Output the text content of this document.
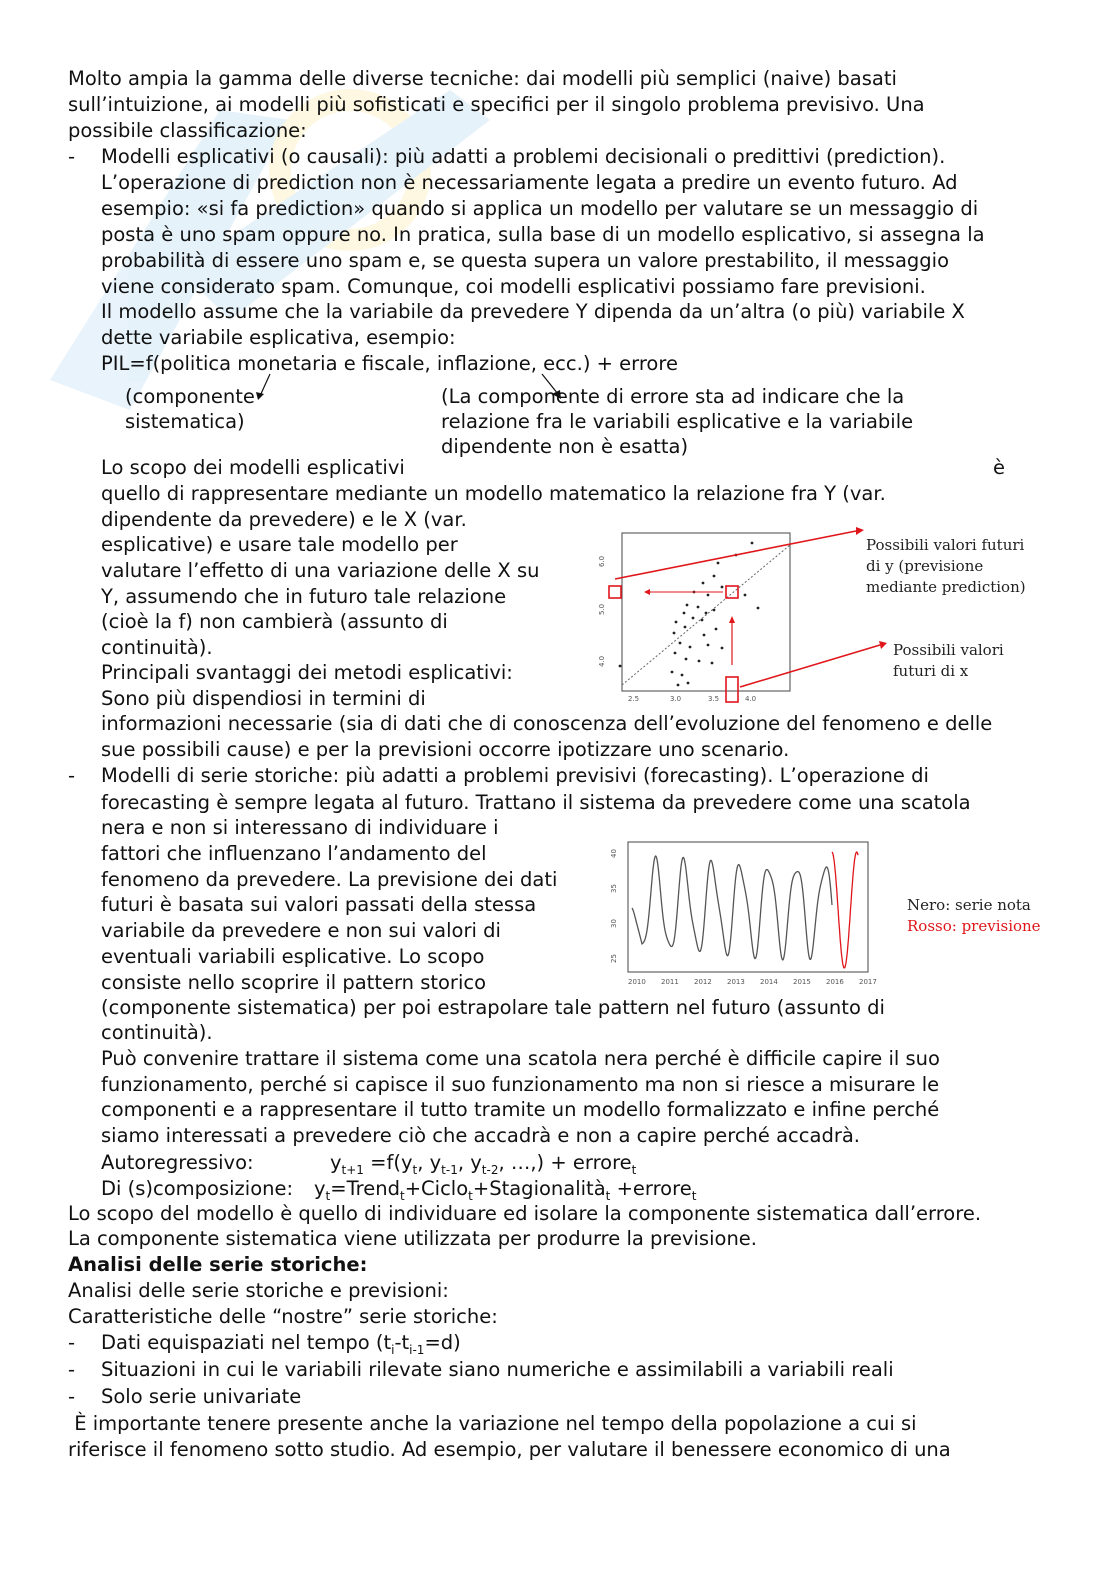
Molto ampia la gamma delle diverse tecniche: dai modelli più semplici (naive) basati

sull’intuizione, ai modelli più sofisticati e specifici per il singolo problema previsivo. Una

possibile classificazione:

- Modelli esplicativi (o causali): più adatti a problemi decisionali o predittivi (prediction).

L’operazione di prediction non è necessariamente legata a predire un evento futuro. Ad

esempio: «si fa prediction» quando si applica un modello per valutare se un messaggio di

posta è uno spam oppure no. In pratica, sulla base di un modello esplicativo, si assegna la

probabilità di essere uno spam e, se questa supera un valore prestabilito, il messaggio

viene considerato spam. Comunque, coi modelli esplicativi possiamo fare previsioni.

Il modello assume che la variabile da prevedere Y dipenda da un’altra (o più) variabile X

dette variabile esplicativa, esempio:

PIL=f(politica monetaria e fiscale, inflazione, ecc.) + errore

(componente

sistematica)

(La componente di errore sta ad indicare che la

relazione fra le variabili esplicative e la variabile

dipendente non è esatta)

Lo scopo dei modelli esplicativi	è

quello di rappresentare mediante un modello matematico la relazione fra Y (var.

dipendente da prevedere) e le X (var.

esplicative) e usare tale modello per

valutare l’effetto di una variazione delle X su

Y, assumendo che in futuro tale relazione

(cioè la f) non cambierà (assunto di

continuità).

Principali svantaggi dei metodi esplicativi:

Sono più dispendiosi in termini di

informazioni necessarie (sia di dati che di conoscenza dell’evoluzione del fenomeno e delle

sue possibili cause) e per la previsioni occorre ipotizzare uno scenario.

4.0
5.0
6.0
2.5	3.0	3.5	4.0

Possibili valori futuri

di y (previsione

mediante prediction)

Possibili valori

futuri di x

- Modelli di serie storiche: più adatti a problemi previsivi (forecasting). L’operazione di

forecasting è sempre legata al futuro. Trattano il sistema da prevedere come una scatola

nera e non si interessano di individuare i

fattori che influenzano l’andamento del

fenomeno da prevedere. La previsione dei dati

futuri è basata sui valori passati della stessa

variabile da prevedere e non sui valori di

eventuali variabili esplicative. Lo scopo

consiste nello scoprire il pattern storico

(componente sistematica) per poi estrapolare tale pattern nel futuro (assunto di

continuità).

Può convenire trattare il sistema come una scatola nera perché è difficile capire il suo

funzionamento, perché si capisce il suo funzionamento ma non si riesce a misurare le

componenti e a rappresentare il tutto tramite un modello formalizzato e infine perché

siamo interessati a prevedere ciò che accadrà e non a capire perché accadrà.

40
35
30
25
2010 2011 2012 2013 2014 2015 2016 2017

Nero: serie nota

Rosso: previsione

Autoregressivo:	$y_{t+1} =f(y_t$, $y_{t-1}$, $y_{t-2}$, …,) + errore$_t$

Di (s)composizione: $y_t=Trend_t+Ciclo_t+Stagionalità_t$ +errore$_t$

Lo scopo del modello è quello di individuare ed isolare la componente sistematica dall’errore.

La componente sistematica viene utilizzata per produrre la previsione.

Analisi delle serie storiche:

Analisi delle serie storiche e previsioni:

Caratteristiche delle “nostre” serie storiche:

- Dati equispaziati nel tempo $(t_i-t_{i-1}=d)$

- Situazioni in cui le variabili rilevate siano numeriche e assimilabili a variabili reali

- Solo serie univariate

È importante tenere presente anche la variazione nel tempo della popolazione a cui si

riferisce il fenomeno sotto studio. Ad esempio, per valutare il benessere economico di una
